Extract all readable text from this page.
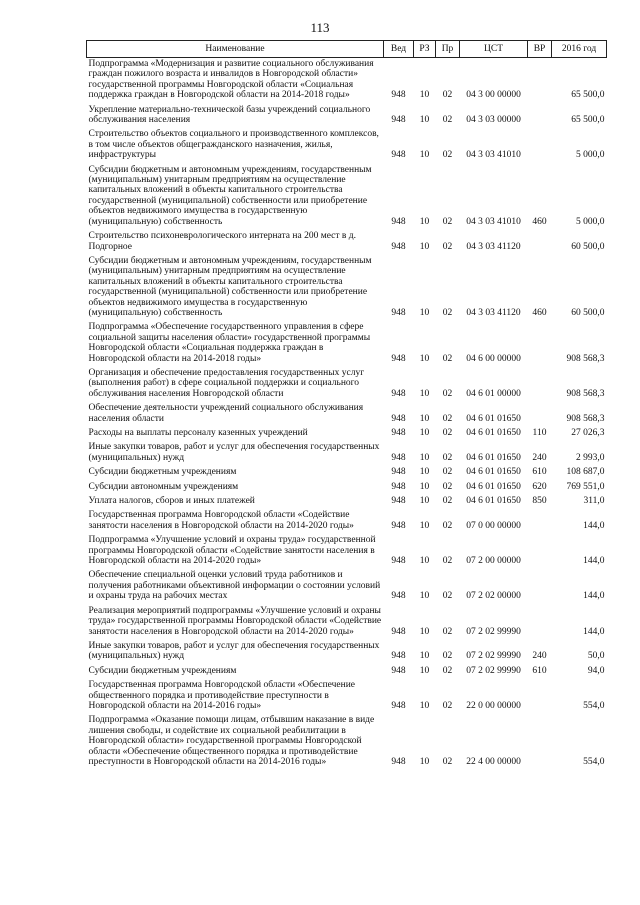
113
Наименование	Вед	РЗ	Пр	ЦСТ	ВР	2016 год
Подпрограмма «Модернизация и развитие социального обслуживания граждан пожилого возраста и инвалидов в Новгородской области» государственной программы Новгородской области «Социальная поддержка граждан в Новгородской области на 2014-2018 годы»	948	10	02	04 3 00 00000		65 500,0
Укрепление материально-технической базы учреждений социального обслуживания населения	948	10	02	04 3 03 00000		65 500,0
Строительство объектов социального и производственного комплексов, в том числе объектов общегражданского назначения, жилья, инфраструктуры	948	10	02	04 3 03 41010		5 000,0
Субсидии бюджетным и автономным учреждениям, государственным (муниципальным) унитарным предприятиям на осуществление капитальных вложений в объекты капитального строительства государственной (муниципальной) собственности или приобретение объектов недвижимого имущества в государственную (муниципальную) собственность	948	10	02	04 3 03 41010	460	5 000,0
Строительство психоневрологического интерната на 200 мест в д. Подгорное	948	10	02	04 3 03 41120		60 500,0
Субсидии бюджетным и автономным учреждениям, государственным (муниципальным) унитарным предприятиям на осуществление капитальных вложений в объекты капитального строительства государственной (муниципальной) собственности или приобретение объектов недвижимого имущества в государственную (муниципальную) собственность	948	10	02	04 3 03 41120	460	60 500,0
Подпрограмма «Обеспечение государственного управления в сфере социальной защиты населения области» государственной программы Новгородской области «Социальная поддержка граждан в Новгородской области на 2014-2018 годы»	948	10	02	04 6 00 00000		908 568,3
Организация и обеспечение предоставления государственных услуг (выполнения работ) в сфере социальной поддержки и социального обслуживания населения Новгородской области	948	10	02	04 6 01 00000		908 568,3
Обеспечение деятельности учреждений социального обслуживания населения области	948	10	02	04 6 01 01650		908 568,3
Расходы на выплаты персоналу казенных учреждений	948	10	02	04 6 01 01650	110	27 026,3
Иные закупки товаров, работ и услуг для обеспечения государственных (муниципальных) нужд	948	10	02	04 6 01 01650	240	2 993,0
Субсидии бюджетным учреждениям	948	10	02	04 6 01 01650	610	108 687,0
Субсидии автономным учреждениям	948	10	02	04 6 01 01650	620	769 551,0
Уплата налогов, сборов и иных платежей	948	10	02	04 6 01 01650	850	311,0
Государственная программа Новгородской области «Содействие занятости населения в Новгородской области на 2014-2020 годы»	948	10	02	07 0 00 00000		144,0
Подпрограмма «Улучшение условий и охраны труда» государственной программы Новгородской области «Содействие занятости населения в Новгородской области на 2014-2020 годы»	948	10	02	07 2 00 00000		144,0
Обеспечение специальной оценки условий труда работников и получения работниками объективной информации о состоянии условий и охраны труда на рабочих местах	948	10	02	07 2 02 00000		144,0
Реализация мероприятий подпрограммы «Улучшение условий и охраны труда» государственной программы Новгородской области «Содействие занятости населения в Новгородской области на 2014-2020 годы»	948	10	02	07 2 02 99990		144,0
Иные закупки товаров, работ и услуг для обеспечения государственных (муниципальных) нужд	948	10	02	07 2 02 99990	240	50,0
Субсидии бюджетным учреждениям	948	10	02	07 2 02 99990	610	94,0
Государственная программа Новгородской области «Обеспечение общественного порядка и противодействие преступности в Новгородской области на 2014-2016 годы»	948	10	02	22 0 00 00000		554,0
Подпрограмма «Оказание помощи лицам, отбывшим наказание в виде лишения свободы, и содействие их социальной реабилитации в Новгородской области» государственной программы Новгородской области «Обеспечение общественного порядка и противодействие преступности в Новгородской области на 2014-2016 годы»	948	10	02	22 4 00 00000		554,0
